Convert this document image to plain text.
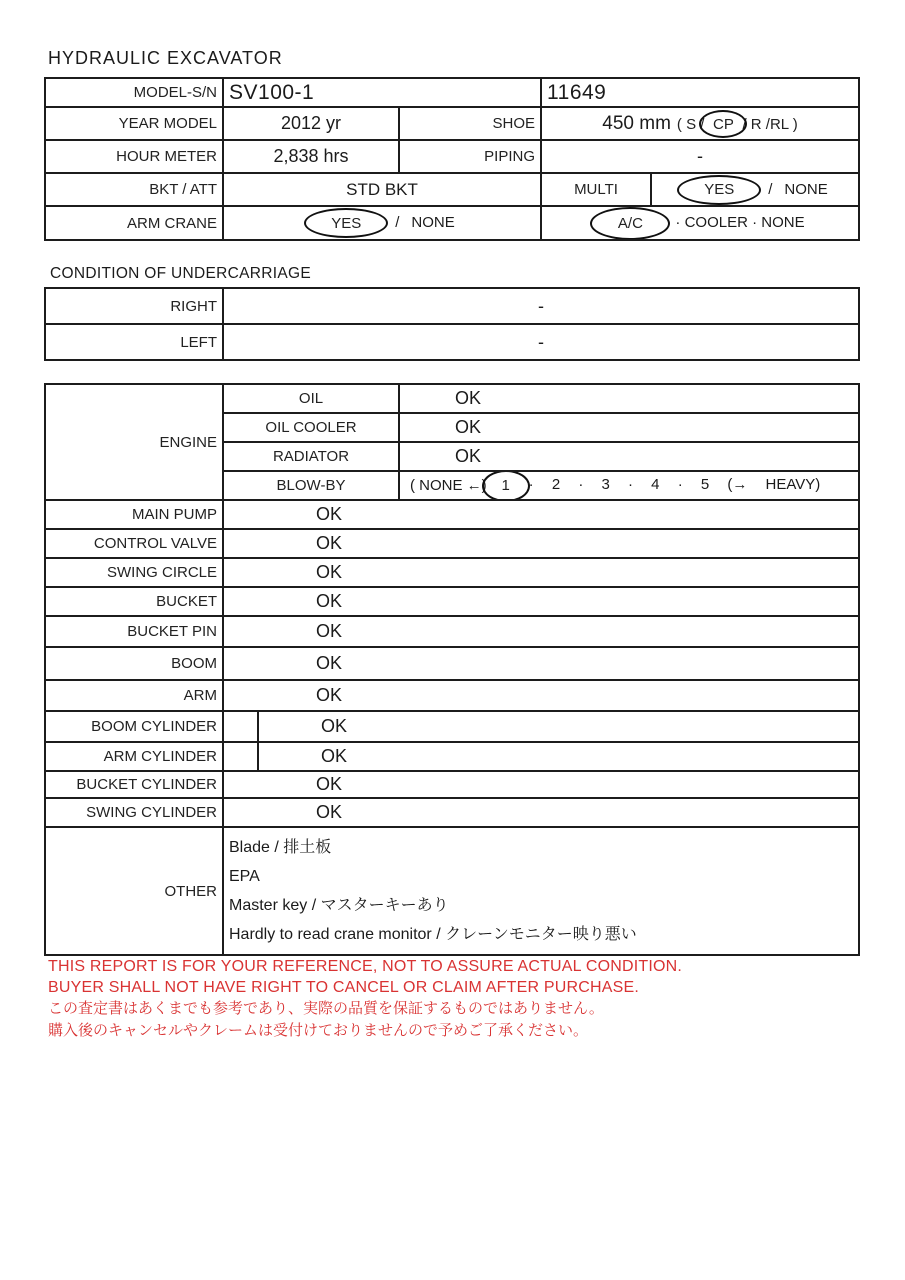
HYDRAULIC EXCAVATOR
MODEL-S/N	SV100-1		11649	
YEAR MODEL	2012 yr	SHOE	450 mm ( S / CP / R /RL )	
HOUR METER	2,838 hrs	PIPING	-	
BKT / ATT	STD BKT		MULTI	YES / NONE
ARM CRANE	YES / NONE		A/C · COOLER · NONE	
CONDITION OF UNDERCARRIAGE
RIGHT	-
LEFT	-
ENGINE	OIL		OK
	OIL COOLER		OK
	RADIATOR		OK
	BLOW-BY		( NONE ←) 1 · 2 · 3 · 4 · 5 (→ HEAVY)
MAIN PUMP	OK		
CONTROL VALVE	OK		
SWING CIRCLE	OK		
BUCKET	OK		
BUCKET PIN	OK		
BOOM	OK		
ARM	OK		
BOOM CYLINDER		OK	
ARM CYLINDER		OK	
BUCKET CYLINDER	OK		
SWING CYLINDER	OK		
OTHER	Blade / 排土板
EPA
Master key / マスターキーあり
Hardly to read crane monitor / クレーンモニター映り悪い		
THIS REPORT IS FOR YOUR REFERENCE, NOT TO ASSURE ACTUAL CONDITION.
BUYER SHALL NOT HAVE RIGHT TO CANCEL OR CLAIM AFTER PURCHASE.
この査定書はあくまでも参考であり、実際の品質を保証するものではありません。
購入後のキャンセルやクレームは受付けておりませんので予めご了承ください。
